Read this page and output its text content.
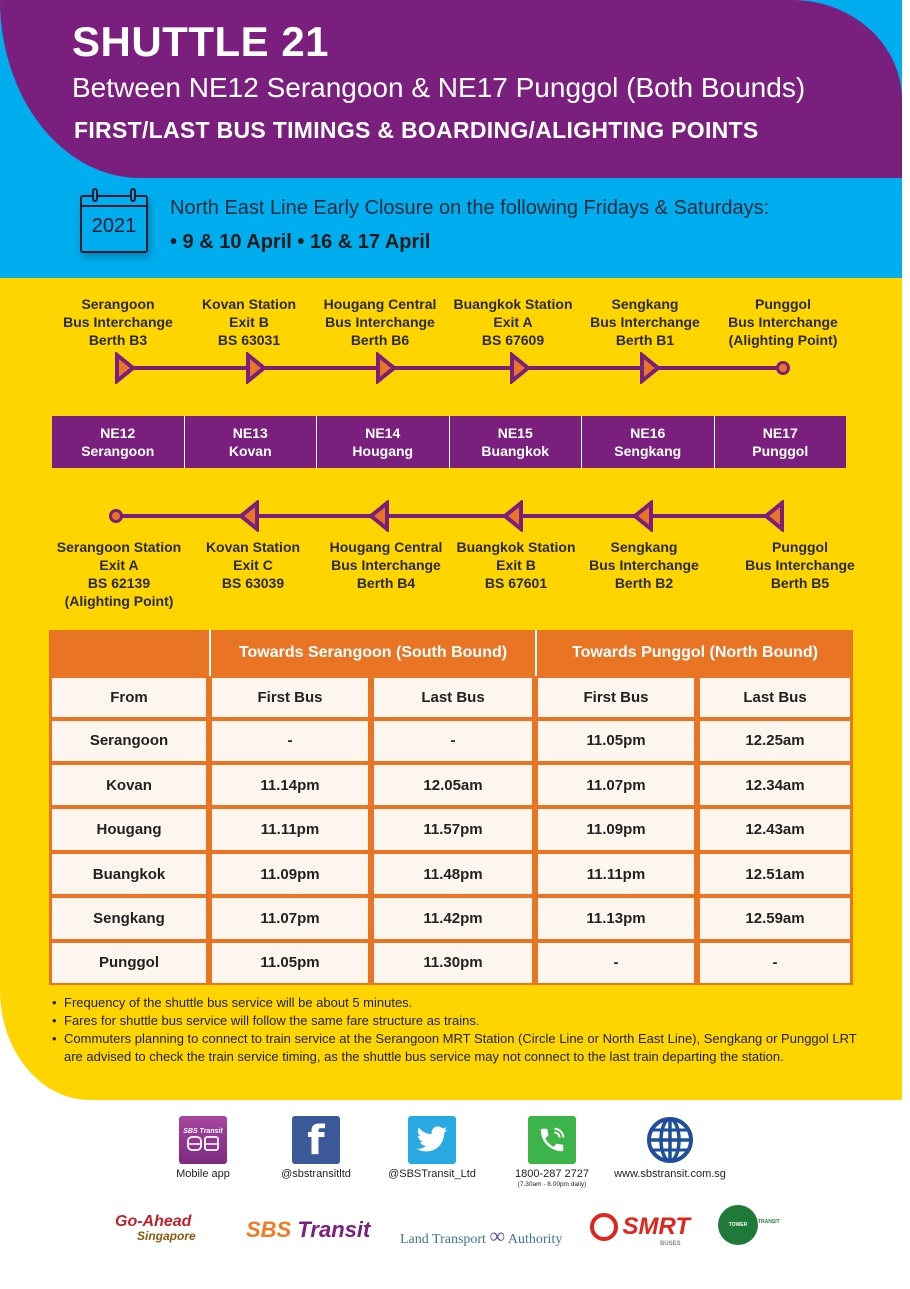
SHUTTLE 21
Between NE12 Serangoon & NE17 Punggol (Both Bounds)
FIRST/LAST BUS TIMINGS & BOARDING/ALIGHTING POINTS
2021
North East Line Early Closure on the following Fridays & Saturdays:
• 9 & 10 April • 16 & 17 April
Serangoon
Bus Interchange
Berth B3
Kovan Station
Exit B
BS 63031
Hougang Central
Bus Interchange
Berth B6
Buangkok Station
Exit A
BS 67609
Sengkang
Bus Interchange
Berth B1
Punggol
Bus Interchange
(Alighting Point)
NE12
Serangoon
NE13
Kovan
NE14
Hougang
NE15
Buangkok
NE16
Sengkang
NE17
Punggol
Serangoon Station
Exit A
BS 62139
(Alighting Point)
Kovan Station
Exit C
BS 63039
Hougang Central
Bus Interchange
Berth B4
Buangkok Station
Exit B
BS 67601
Sengkang
Bus Interchange
Berth B2
Punggol
Bus Interchange
Berth B5
	Towards Serangoon (South Bound)		Towards Punggol (North Bound)	
From	First Bus	Last Bus	First Bus	Last Bus
Serangoon	-	-	11.05pm	12.25am
Kovan	11.14pm	12.05am	11.07pm	12.34am
Hougang	11.11pm	11.57pm	11.09pm	12.43am
Buangkok	11.09pm	11.48pm	11.11pm	12.51am
Sengkang	11.07pm	11.42pm	11.13pm	12.59am
Punggol	11.05pm	11.30pm	-	-
• Frequency of the shuttle bus service will be about 5 minutes.
• Fares for shuttle bus service will follow the same fare structure as trains.
• Commuters planning to connect to train service at the Serangoon MRT Station (Circle Line or North East Line), Sengkang or Punggol LRT are advised to check the train service timing, as the shuttle bus service may not connect to the last train departing the station.
SBS Transit
Mobile app
f
@sbstransitltd	@SBSTransit_Ltd	1800-287 2727
(7.30am - 8.00pm daily)
www.sbstransit.com.sg
Go-Ahead
Singapore SBS Transit Land Transport ∞ Authority	SMRT
BUSES
TOWER	TRANSIT
